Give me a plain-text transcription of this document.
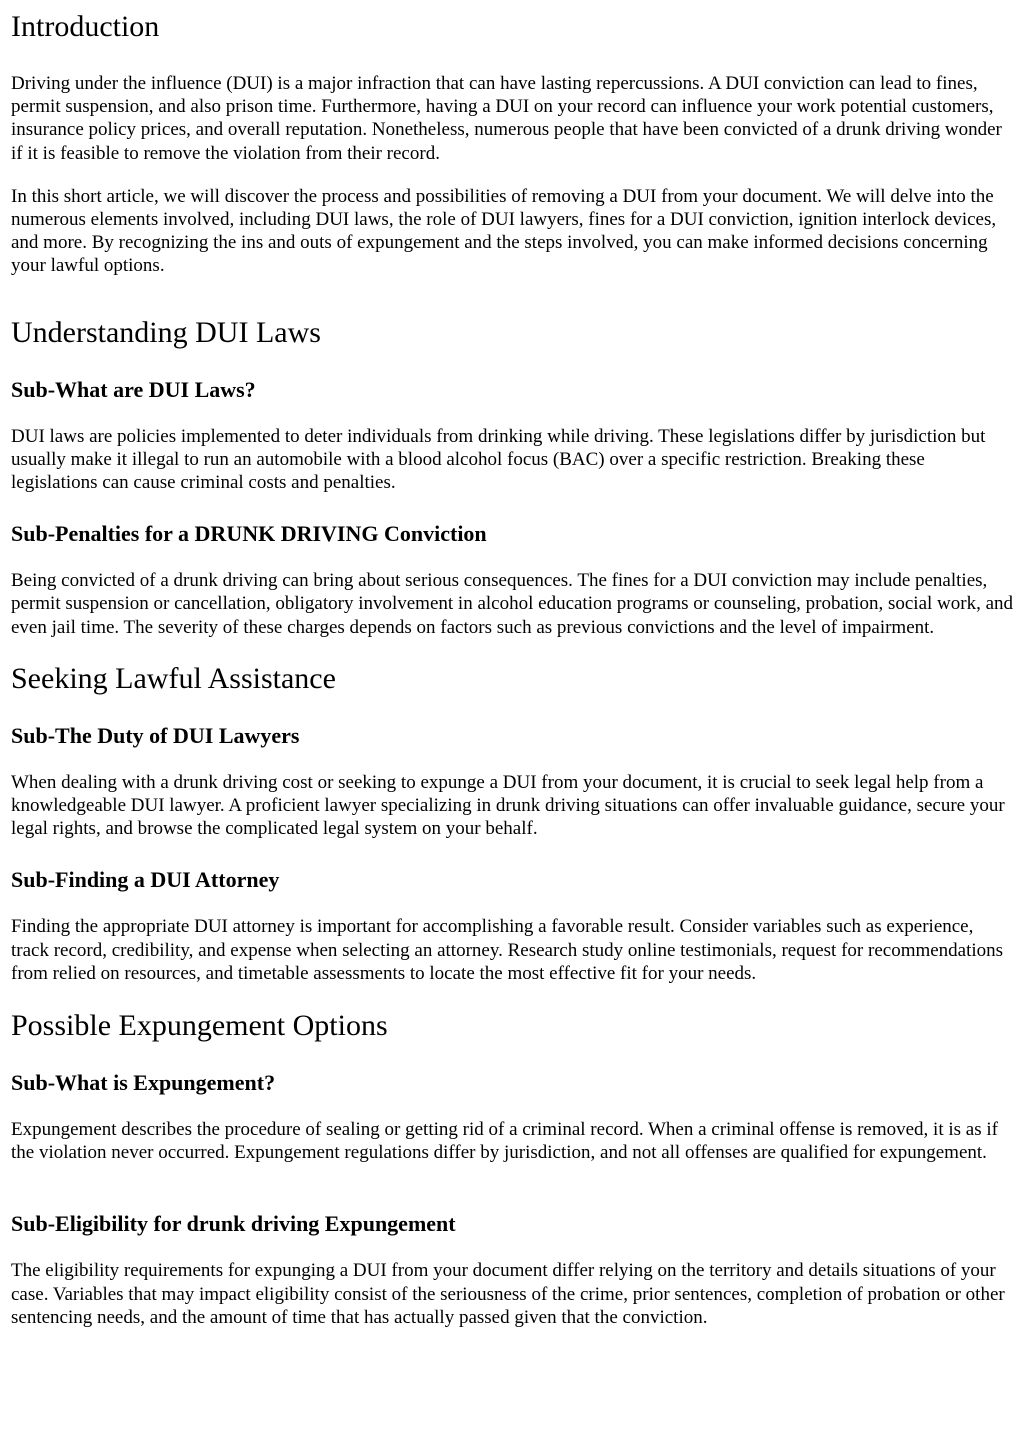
Introduction

Driving under the influence (DUI) is a major infraction that can have lasting repercussions. A DUI conviction can lead to fines, permit suspension, and also prison time. Furthermore, having a DUI on your record can influence your work potential customers, insurance policy prices, and overall reputation. Nonetheless, numerous people that have been convicted of a drunk driving wonder if it is feasible to remove the violation from their record.

In this short article, we will discover the process and possibilities of removing a DUI from your document. We will delve into the numerous elements involved, including DUI laws, the role of DUI lawyers, fines for a DUI conviction, ignition interlock devices, and more. By recognizing the ins and outs of expungement and the steps involved, you can make informed decisions concerning your lawful options.

Understanding DUI Laws
Sub-What are DUI Laws?

DUI laws are policies implemented to deter individuals from drinking while driving. These legislations differ by jurisdiction but usually make it illegal to run an automobile with a blood alcohol focus (BAC) over a specific restriction. Breaking these legislations can cause criminal costs and penalties.

Sub-Penalties for a DRUNK DRIVING Conviction

Being convicted of a drunk driving can bring about serious consequences. The fines for a DUI conviction may include penalties, permit suspension or cancellation, obligatory involvement in alcohol education programs or counseling, probation, social work, and even jail time. The severity of these charges depends on factors such as previous convictions and the level of impairment.

Seeking Lawful Assistance
Sub-The Duty of DUI Lawyers

When dealing with a drunk driving cost or seeking to expunge a DUI from your document, it is crucial to seek legal help from a knowledgeable DUI lawyer. A proficient lawyer specializing in drunk driving situations can offer invaluable guidance, secure your legal rights, and browse the complicated legal system on your behalf.

Sub-Finding a DUI Attorney

Finding the appropriate DUI attorney is important for accomplishing a favorable result. Consider variables such as experience, track record, credibility, and expense when selecting an attorney. Research study online testimonials, request for recommendations from relied on resources, and timetable assessments to locate the most effective fit for your needs.

Possible Expungement Options
Sub-What is Expungement?

Expungement describes the procedure of sealing or getting rid of a criminal record. When a criminal offense is removed, it is as if the violation never occurred. Expungement regulations differ by jurisdiction, and not all offenses are qualified for expungement.

Sub-Eligibility for drunk driving Expungement

The eligibility requirements for expunging a DUI from your document differ relying on the territory and details situations of your case. Variables that may impact eligibility consist of the seriousness of the crime, prior sentences, completion of probation or other sentencing needs, and the amount of time that has actually passed given that the conviction.
